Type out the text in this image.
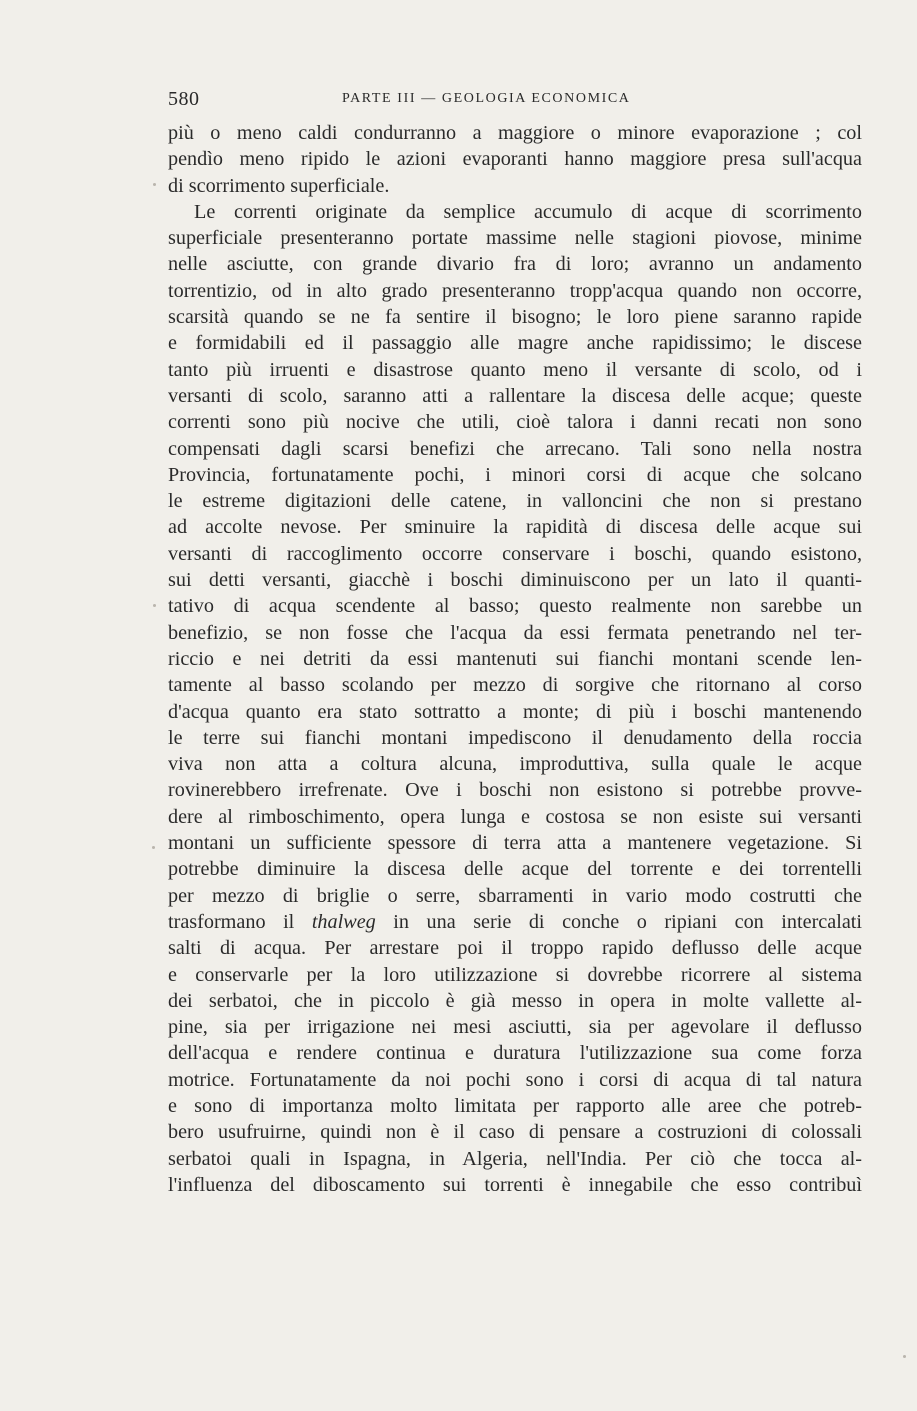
580	PARTE III — GEOLOGIA ECONOMICA
più o meno caldi condurranno a maggiore o minore evaporazione ; col
pendìo meno ripido le azioni evaporanti hanno maggiore presa sull'acqua
di scorrimento superficiale.
Le correnti originate da semplice accumulo di acque di scorrimento
superficiale presenteranno portate massime nelle stagioni piovose, minime
nelle asciutte, con grande divario fra di loro; avranno un andamento
torrentizio, od in alto grado presenteranno tropp'acqua quando non occorre,
scarsità quando se ne fa sentire il bisogno; le loro piene saranno rapide
e formidabili ed il passaggio alle magre anche rapidissimo; le discese
tanto più irruenti e disastrose quanto meno il versante di scolo, od i
versanti di scolo, saranno atti a rallentare la discesa delle acque; queste
correnti sono più nocive che utili, cioè talora i danni recati non sono
compensati dagli scarsi benefizi che arrecano. Tali sono nella nostra
Provincia, fortunatamente pochi, i minori corsi di acque che solcano
le estreme digitazioni delle catene, in valloncini che non si prestano
ad accolte nevose. Per sminuire la rapidità di discesa delle acque sui
versanti di raccoglimento occorre conservare i boschi, quando esistono,
sui detti versanti, giacchè i boschi diminuiscono per un lato il quanti-
tativo di acqua scendente al basso; questo realmente non sarebbe un
benefizio, se non fosse che l'acqua da essi fermata penetrando nel ter-
riccio e nei detriti da essi mantenuti sui fianchi montani scende len-
tamente al basso scolando per mezzo di sorgive che ritornano al corso
d'acqua quanto era stato sottratto a monte; di più i boschi mantenendo
le terre sui fianchi montani impediscono il denudamento della roccia
viva non atta a coltura alcuna, improduttiva, sulla quale le acque
rovinerebbero irrefrenate. Ove i boschi non esistono si potrebbe provve-
dere al rimboschimento, opera lunga e costosa se non esiste sui versanti
montani un sufficiente spessore di terra atta a mantenere vegetazione. Si
potrebbe diminuire la discesa delle acque del torrente e dei torrentelli
per mezzo di briglie o serre, sbarramenti in vario modo costrutti che
trasformano il thalweg in una serie di conche o ripiani con intercalati
salti di acqua. Per arrestare poi il troppo rapido deflusso delle acque
e conservarle per la loro utilizzazione si dovrebbe ricorrere al sistema
dei serbatoi, che in piccolo è già messo in opera in molte vallette al-
pine, sia per irrigazione nei mesi asciutti, sia per agevolare il deflusso
dell'acqua e rendere continua e duratura l'utilizzazione sua come forza
motrice. Fortunatamente da noi pochi sono i corsi di acqua di tal natura
e sono di importanza molto limitata per rapporto alle aree che potreb-
bero usufruirne, quindi non è il caso di pensare a costruzioni di colossali
serbatoi quali in Ispagna, in Algeria, nell'India. Per ciò che tocca al-
l'influenza del diboscamento sui torrenti è innegabile che esso contribuì
